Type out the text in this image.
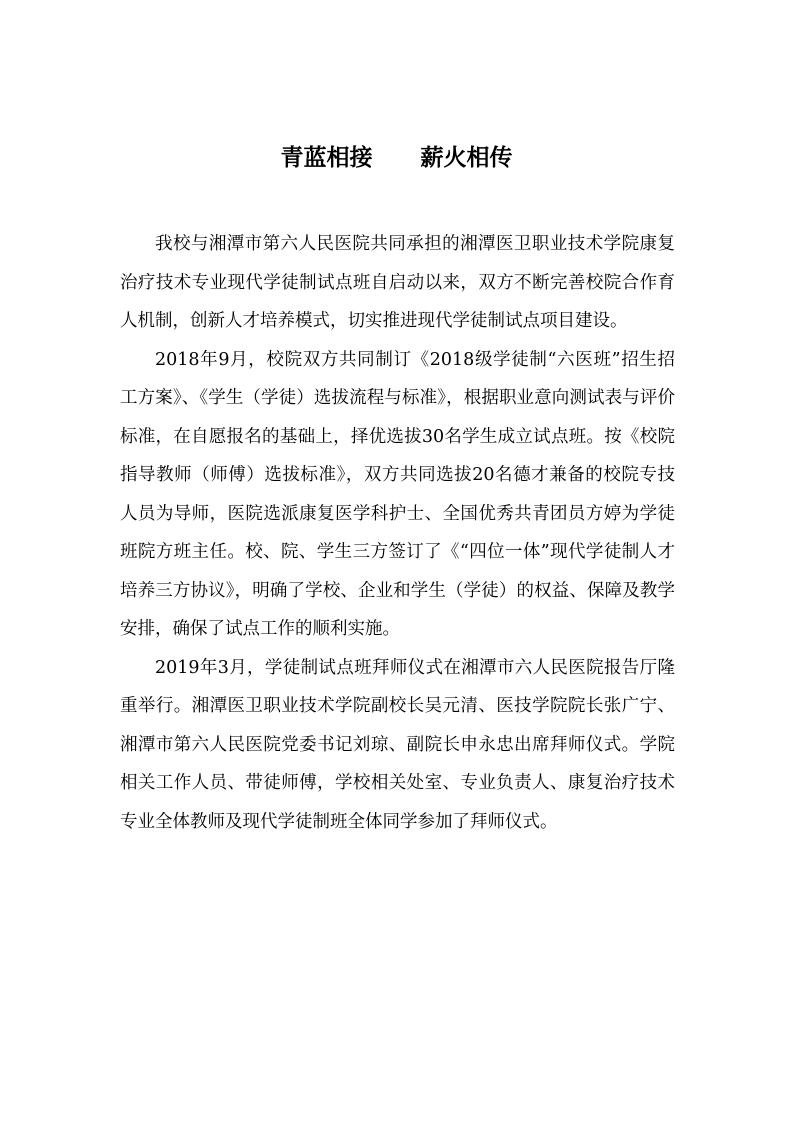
青蓝相接      薪火相传

我校与湘潭市第六人民医院共同承担的湘潭医卫职业技术学院康复治疗技术专业现代学徒制试点班自启动以来，双方不断完善校院合作育人机制，创新人才培养模式，切实推进现代学徒制试点项目建设。

2018年9月，校院双方共同制订《2018级学徒制“六医班”招生招工方案》、《学生（学徒）选拔流程与标准》，根据职业意向测试表与评价标准，在自愿报名的基础上，择优选拔30名学生成立试点班。按《校院指导教师（师傅）选拔标准》，双方共同选拔20名德才兼备的校院专技人员为导师，医院选派康复医学科护士、全国优秀共青团员方婷为学徒班院方班主任。校、院、学生三方签订了《“四位一体”现代学徒制人才培养三方协议》，明确了学校、企业和学生（学徒）的权益、保障及教学安排，确保了试点工作的顺利实施。

2019年3月，学徒制试点班拜师仪式在湘潭市六人民医院报告厅隆重举行。湘潭医卫职业技术学院副校长吴元清、医技学院院长张广宁、湘潭市第六人民医院党委书记刘琼、副院长申永忠出席拜师仪式。学院相关工作人员、带徒师傅，学校相关处室、专业负责人、康复治疗技术专业全体教师及现代学徒制班全体同学参加了拜师仪式。
